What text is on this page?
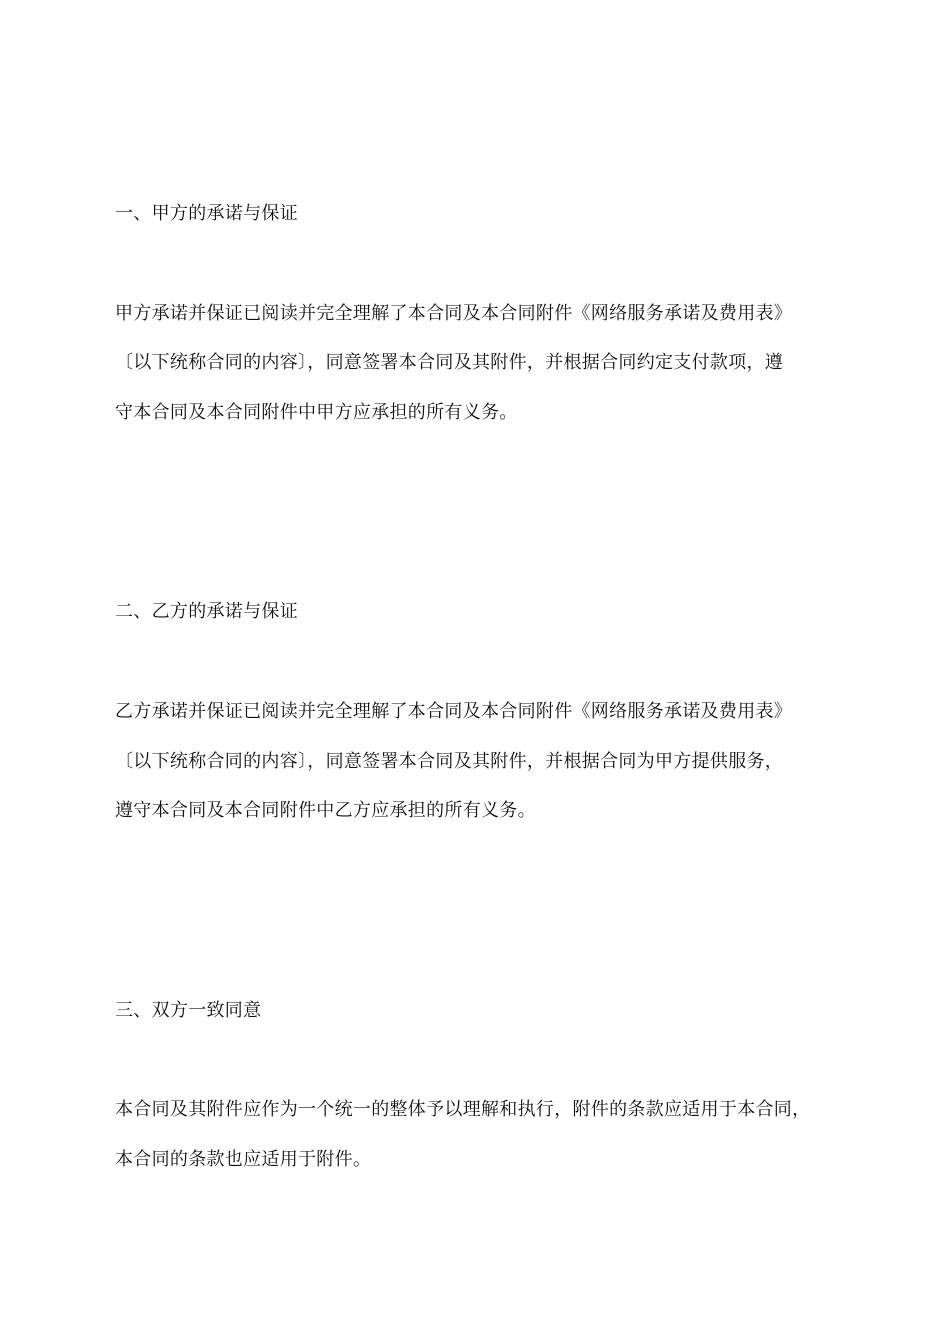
一、甲方的承诺与保证
甲方承诺并保证已阅读并完全理解了本合同及本合同附件《网络服务承诺及费用表》
〔以下统称合同的内容〕，同意签署本合同及其附件，并根据合同约定支付款项，遵
守本合同及本合同附件中甲方应承担的所有义务。
二、乙方的承诺与保证
乙方承诺并保证已阅读并完全理解了本合同及本合同附件《网络服务承诺及费用表》
〔以下统称合同的内容〕，同意签署本合同及其附件，并根据合同为甲方提供服务，
遵守本合同及本合同附件中乙方应承担的所有义务。
三、双方一致同意
本合同及其附件应作为一个统一的整体予以理解和执行，附件的条款应适用于本合同，
本合同的条款也应适用于附件。
